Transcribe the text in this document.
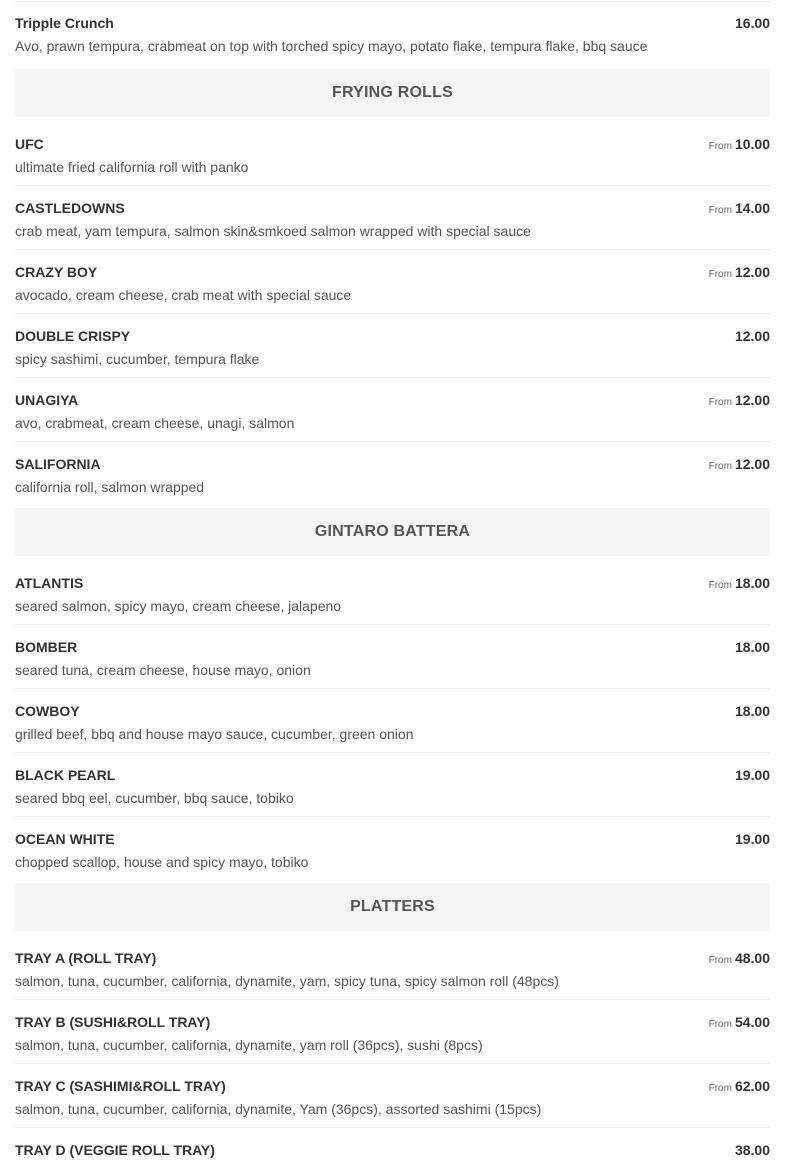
Tripple Crunch
Avo, prawn tempura, crabmeat on top with torched spicy mayo, potato flake, tempura flake, bbq sauce
16.00
FRYING ROLLS
UFC
ultimate fried california roll with panko
From 10.00
CASTLEDOWNS
crab meat, yam tempura, salmon skin&smkoed salmon wrapped with special sauce
From 14.00
CRAZY BOY
avocado, cream cheese, crab meat with special sauce
From 12.00
DOUBLE CRISPY
spicy sashimi, cucumber, tempura flake
12.00
UNAGIYA
avo, crabmeat, cream cheese, unagi, salmon
From 12.00
SALIFORNIA
california roll, salmon wrapped
From 12.00
GINTARO BATTERA
ATLANTIS
seared salmon, spicy mayo, cream cheese, jalapeno
From 18.00
BOMBER
seared tuna, cream cheese, house mayo, onion
18.00
COWBOY
grilled beef, bbq and house mayo sauce, cucumber, green onion
18.00
BLACK PEARL
seared bbq eel, cucumber, bbq sauce, tobiko
19.00
OCEAN WHITE
chopped scallop, house and spicy mayo, tobiko
19.00
PLATTERS
TRAY A (ROLL TRAY)
salmon, tuna, cucumber, california, dynamite, yam, spicy tuna, spicy salmon roll (48pcs)
From 48.00
TRAY B (SUSHI&ROLL TRAY)
salmon, tuna, cucumber, california, dynamite, yam roll (36pcs), sushi (8pcs)
From 54.00
TRAY C (SASHIMI&ROLL TRAY)
salmon, tuna, cucumber, california, dynamite, Yam (36pcs), assorted sashimi (15pcs)
From 62.00
TRAY D (VEGGIE ROLL TRAY)	38.00
